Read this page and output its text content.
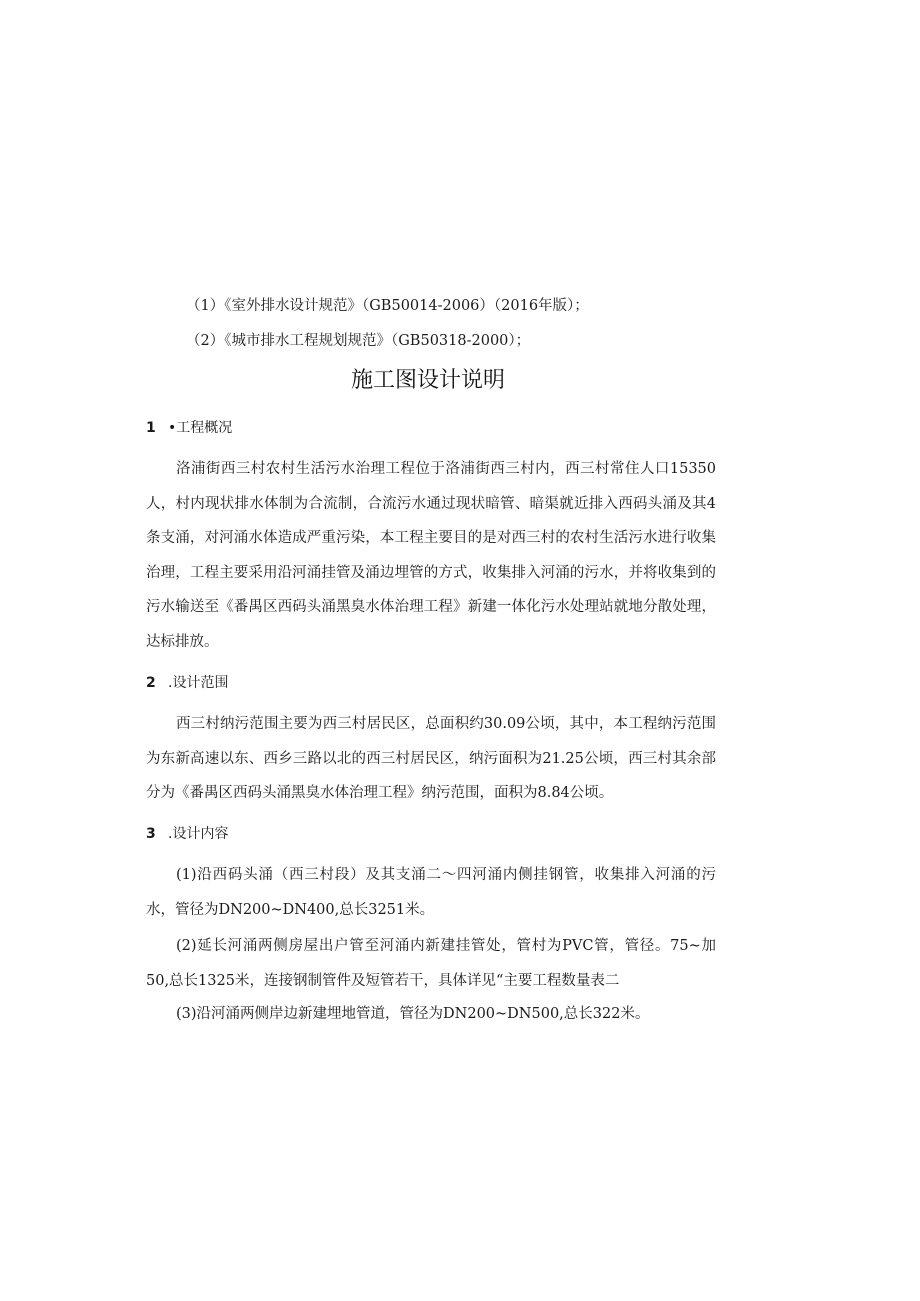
（1）《室外排水设计规范》（GB50014-2006）（2016年版）；
（2）《城市排水工程规划规范》（GB50318-2000）；
施工图设计说明
1 •工程概况
洛浦街西三村农村生活污水治理工程位于洛浦街西三村内，西三村常住人口15350人，村内现状排水体制为合流制，合流污水通过现状暗管、暗渠就近排入西码头涌及其4条支涌，对河涌水体造成严重污染，本工程主要目的是对西三村的农村生活污水进行收集治理，工程主要采用沿河涌挂管及涌边埋管的方式，收集排入河涌的污水，并将收集到的污水输送至《番禺区西码头涌黑臭水体治理工程》新建一体化污水处理站就地分散处理，达标排放。
2 .设计范围
西三村纳污范围主要为西三村居民区，总面积约30.09公顷，其中，本工程纳污范围为东新高速以东、西乡三路以北的西三村居民区，纳污面积为21.25公顷，西三村其余部分为《番禺区西码头涌黑臭水体治理工程》纳污范围，面积为8.84公顷。
3 .设计内容
(1)沿西码头涌（西三村段）及其支涌二～四河涌内侧挂钢管，收集排入河涌的污水，管径为DN200~DN400,总长3251米。
(2)延长河涌两侧房屋出户管至河涌内新建挂管处，管村为PVC管，管径。75~加50,总长1325米，连接钢制管件及短管若干，具体详见“主要工程数量表二
(3)沿河涌两侧岸边新建埋地管道，管径为DN200~DN500,总长322米。
